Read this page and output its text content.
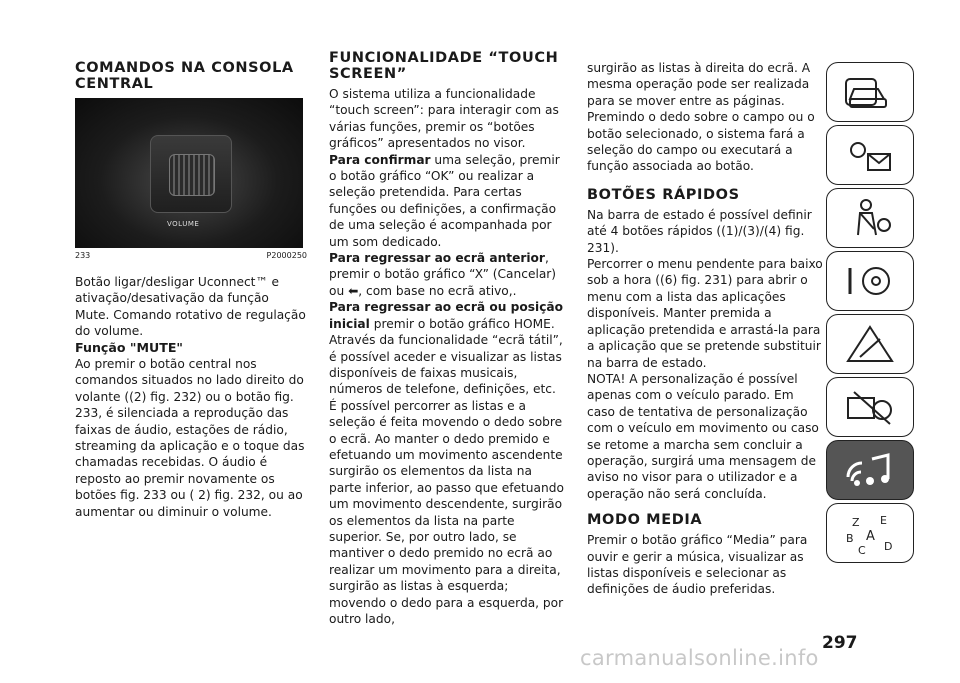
COMANDOS NA CONSOLA CENTRAL
VOLUME
233	P2000250

Botão ligar/desligar Uconnect™ e ativação/desativação da função Mute. Comando rotativo de regulação do volume.

Função "MUTE"

Ao premir o botão central nos comandos situados no lado direito do volante ((2) fig. 232) ou o botão fig. 233, é silenciada a reprodução das faixas de áudio, estações de rádio, streaming da aplicação e o toque das chamadas recebidas. O áudio é reposto ao premir novamente os botões fig. 233 ou ( 2) fig. 232, ou ao aumentar ou diminuir o volume.

FUNCIONALIDADE “TOUCH SCREEN”

O sistema utiliza a funcionalidade “touch screen”: para interagir com as várias funções, premir os “botões gráficos” apresentados no visor.

Para confirmar uma seleção, premir o botão gráfico “OK” ou realizar a seleção pretendida. Para certas funções ou definições, a confirmação de uma seleção é acompanhada por um som dedicado.

Para regressar ao ecrã anterior, premir o botão gráfico “X” (Cancelar) ou ⬅, com base no ecrã ativo,.

Para regressar ao ecrã ou posição inicial premir o botão gráfico HOME.

Através da funcionalidade “ecrã tátil”, é possível aceder e visualizar as listas disponíveis de faixas musicais, números de telefone, definições, etc. É possível percorrer as listas e a seleção é feita movendo o dedo sobre o ecrã. Ao manter o dedo premido e efetuando um movimento ascendente surgirão os elementos da lista na parte inferior, ao passo que efetuando um movimento descendente, surgirão os elementos da lista na parte superior. Se, por outro lado, se mantiver o dedo premido no ecrã ao realizar um movimento para a direita, surgirão as listas à esquerda; movendo o dedo para a esquerda, por outro lado,

surgirão as listas à direita do ecrã. A mesma operação pode ser realizada para se mover entre as páginas. Premindo o dedo sobre o campo ou o botão selecionado, o sistema fará a seleção do campo ou executará a função associada ao botão.

BOTÕES RÁPIDOS

Na barra de estado é possível definir até 4 botões rápidos ((1)/(3)/(4) fig. 231).

Percorrer o menu pendente para baixo sob a hora ((6) fig. 231) para abrir o menu com a lista das aplicações disponíveis. Manter premida a aplicação pretendida e arrastá-la para a aplicação que se pretende substituir na barra de estado.

NOTA! A personalização é possível apenas com o veículo parado. Em caso de tentativa de personalização com o veículo em movimento ou caso se retome a marcha sem concluir a operação, surgirá uma mensagem de aviso no visor para o utilizador e a operação não será concluída.

MODO MEDIA

Premir o botão gráfico “Media” para ouvir e gerir a música, visualizar as listas disponíveis e selecionar as definições de áudio preferidas.

Z E
B A
C D
297
carmanualsonline.info
